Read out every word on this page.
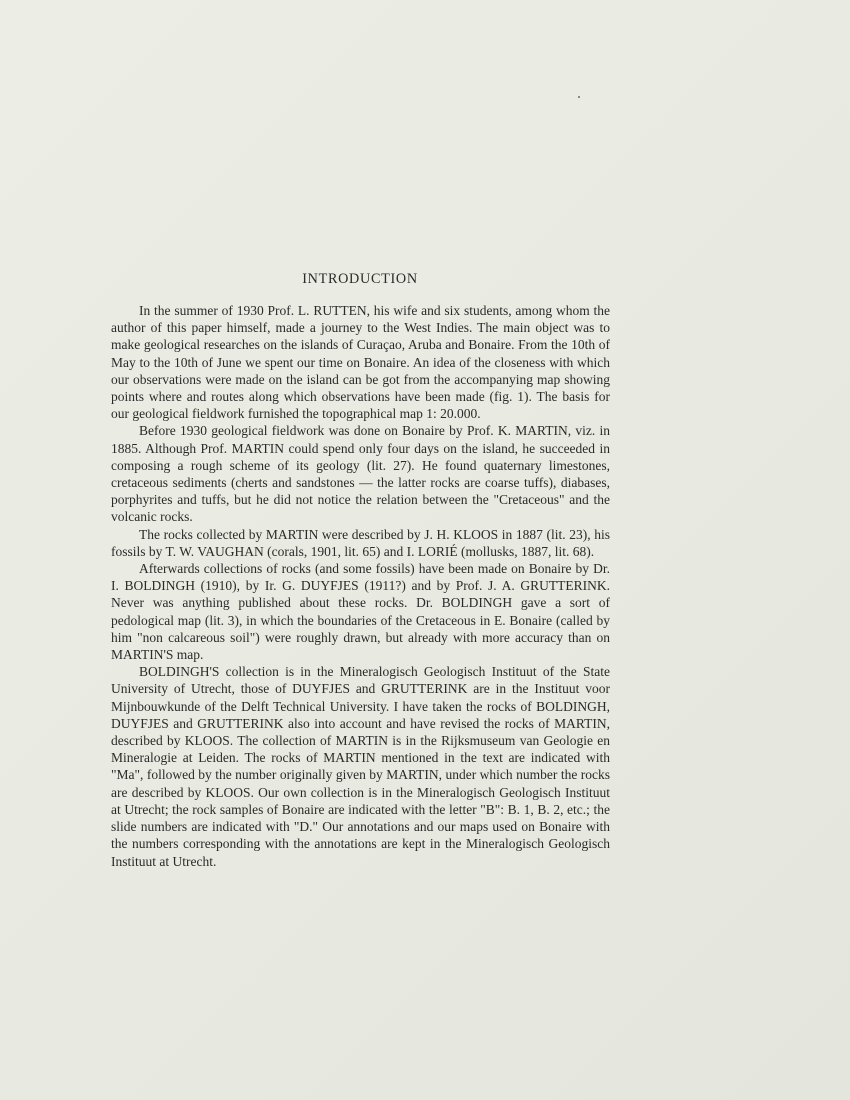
INTRODUCTION

In the summer of 1930 Prof. L. RUTTEN, his wife and six students, among whom the author of this paper himself, made a journey to the West Indies. The main object was to make geological researches on the islands of Curaçao, Aruba and Bonaire. From the 10th of May to the 10th of June we spent our time on Bonaire. An idea of the closeness with which our observations were made on the island can be got from the accompanying map showing points where and routes along which observations have been made (fig. 1). The basis for our geological fieldwork furnished the topographical map 1: 20.000.

Before 1930 geological fieldwork was done on Bonaire by Prof. K. MARTIN, viz. in 1885. Although Prof. MARTIN could spend only four days on the island, he succeeded in composing a rough scheme of its geology (lit. 27). He found quaternary limestones, cretaceous sediments (cherts and sandstones — the latter rocks are coarse tuffs), diabases, porphyrites and tuffs, but he did not notice the relation between the "Cretaceous" and the volcanic rocks.

The rocks collected by MARTIN were described by J. H. KLOOS in 1887 (lit. 23), his fossils by T. W. VAUGHAN (corals, 1901, lit. 65) and I. LORIÉ (mollusks, 1887, lit. 68).

Afterwards collections of rocks (and some fossils) have been made on Bonaire by Dr. I. BOLDINGH (1910), by Ir. G. DUYFJES (1911?) and by Prof. J. A. GRUTTERINK. Never was anything published about these rocks. Dr. BOLDINGH gave a sort of pedological map (lit. 3), in which the boundaries of the Cretaceous in E. Bonaire (called by him "non calcareous soil") were roughly drawn, but already with more accuracy than on MARTIN'S map.

BOLDINGH'S collection is in the Mineralogisch Geologisch Instituut of the State University of Utrecht, those of DUYFJES and GRUTTERINK are in the Instituut voor Mijnbouwkunde of the Delft Technical University. I have taken the rocks of BOLDINGH, DUYFJES and GRUTTERINK also into account and have revised the rocks of MARTIN, described by KLOOS. The collection of MARTIN is in the Rijksmuseum van Geologie en Mineralogie at Leiden. The rocks of MARTIN mentioned in the text are indicated with "Ma", followed by the number originally given by MARTIN, under which number the rocks are described by KLOOS. Our own collection is in the Mineralogisch Geologisch Instituut at Utrecht; the rock samples of Bonaire are indicated with the letter "B": B. 1, B. 2, etc.; the slide numbers are indicated with "D." Our annotations and our maps used on Bonaire with the numbers corresponding with the annotations are kept in the Mineralogisch Geologisch Instituut at Utrecht.
